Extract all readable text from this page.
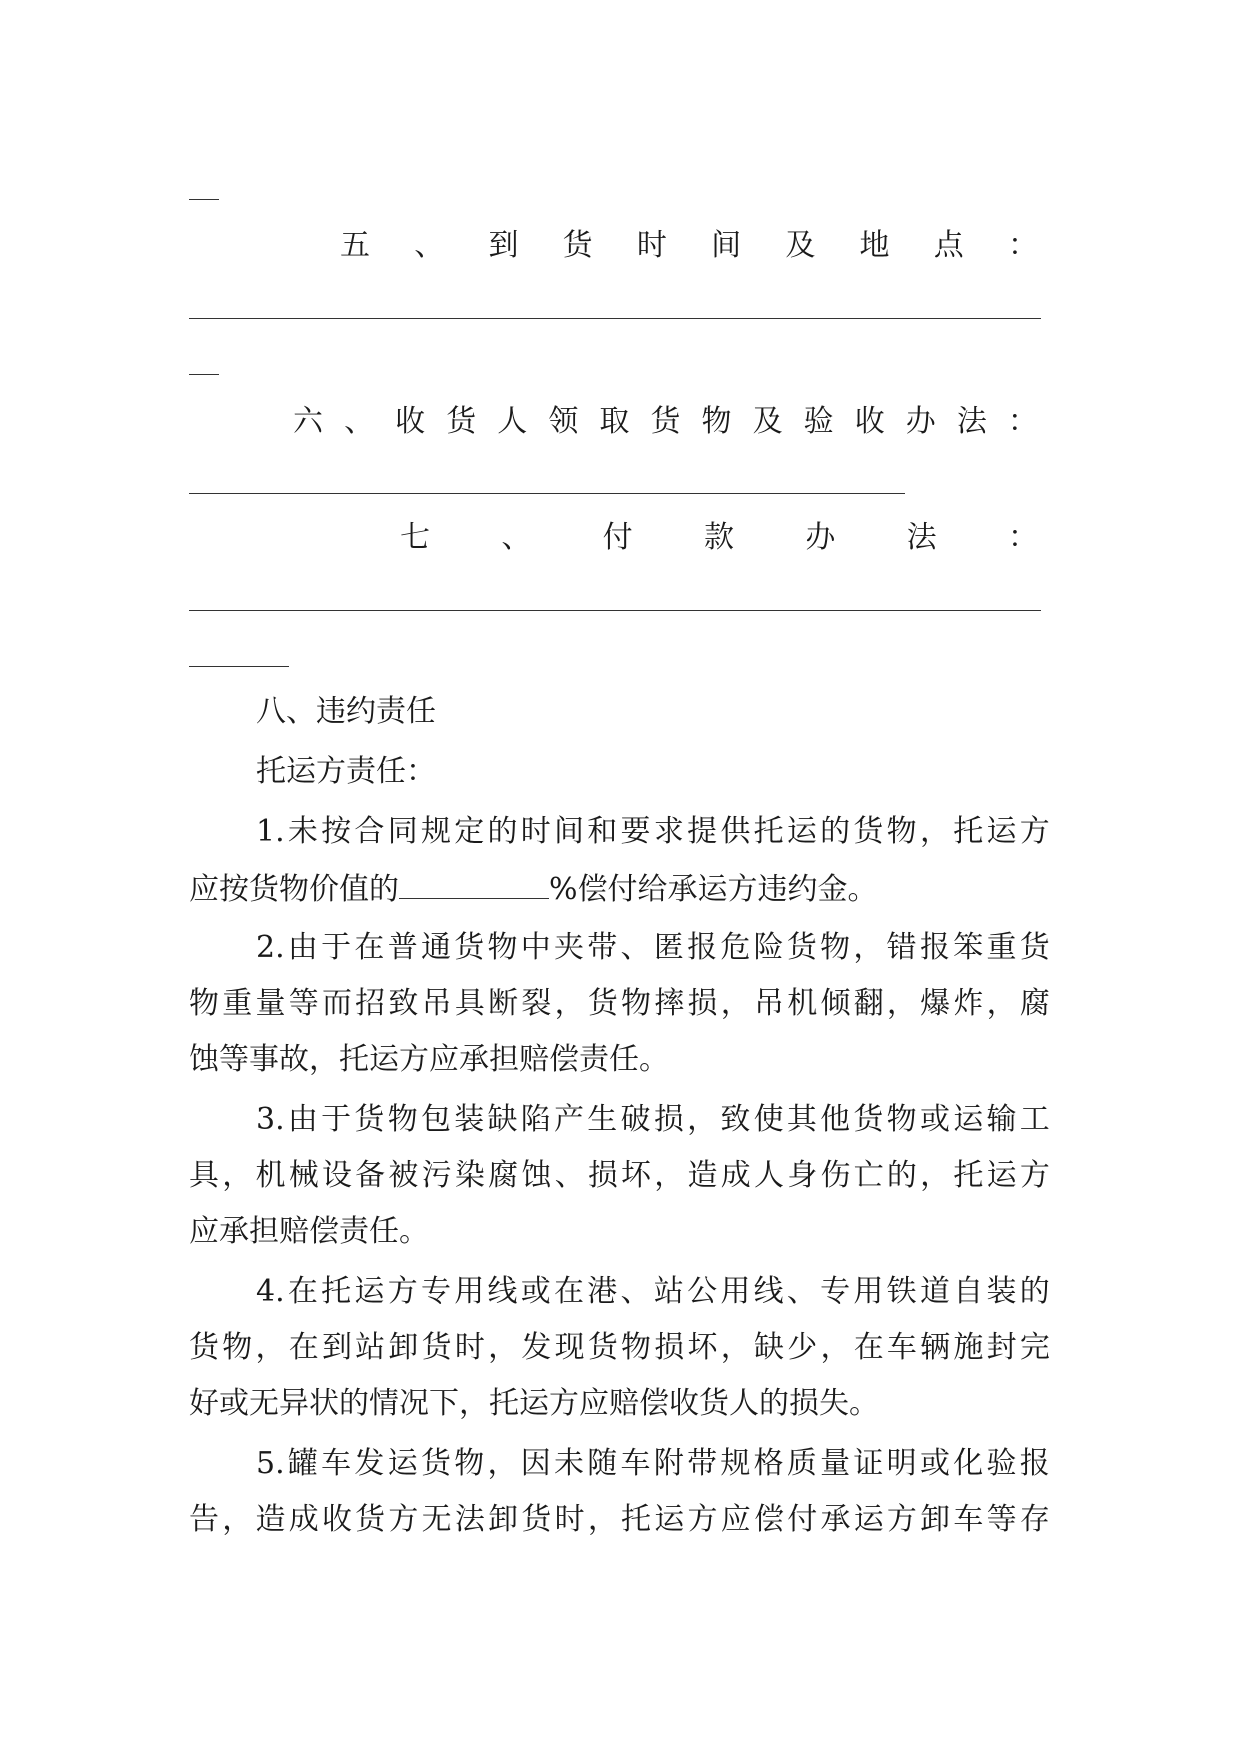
五 、 到 货 时 间 及 地 点 ：
六 、 收 货 人 领 取 货 物 及 验 收 办 法 ：
七 、 付 款 办 法 ：
八、违约责任
托运方责任：
1. 未 按 合 同 规 定 的 时 间 和 要 求 提 供 托 运 的 货 物 ， 托 运 方
应按货物价值的	%偿付给承运方违约金。
2. 由 于 在 普 通 货 物 中 夹 带 、 匿 报 危 险 货 物 ， 错 报 笨 重 货
物 重 量 等 而 招 致 吊 具 断 裂 ， 货 物 摔 损 ， 吊 机 倾 翻 ， 爆 炸 ， 腐
蚀等事故，托运方应承担赔偿责任。
3. 由 于 货 物 包 装 缺 陷 产 生 破 损 ， 致 使 其 他 货 物 或 运 输 工
具 ， 机 械 设 备 被 污 染 腐 蚀 、 损 坏 ， 造 成 人 身 伤 亡 的 ， 托 运 方
应承担赔偿责任。
4. 在 托 运 方 专 用 线 或 在 港 、 站 公 用 线 、 专 用 铁 道 自 装 的
货 物 ， 在 到 站 卸 货 时 ， 发 现 货 物 损 坏 ， 缺 少 ， 在 车 辆 施 封 完
好或无异状的情况下，托运方应赔偿收货人的损失。
5. 罐 车 发 运 货 物 ， 因 未 随 车 附 带 规 格 质 量 证 明 或 化 验 报
告 ， 造 成 收 货 方 无 法 卸 货 时 ， 托 运 方 应 偿 付 承 运 方 卸 车 等 存
